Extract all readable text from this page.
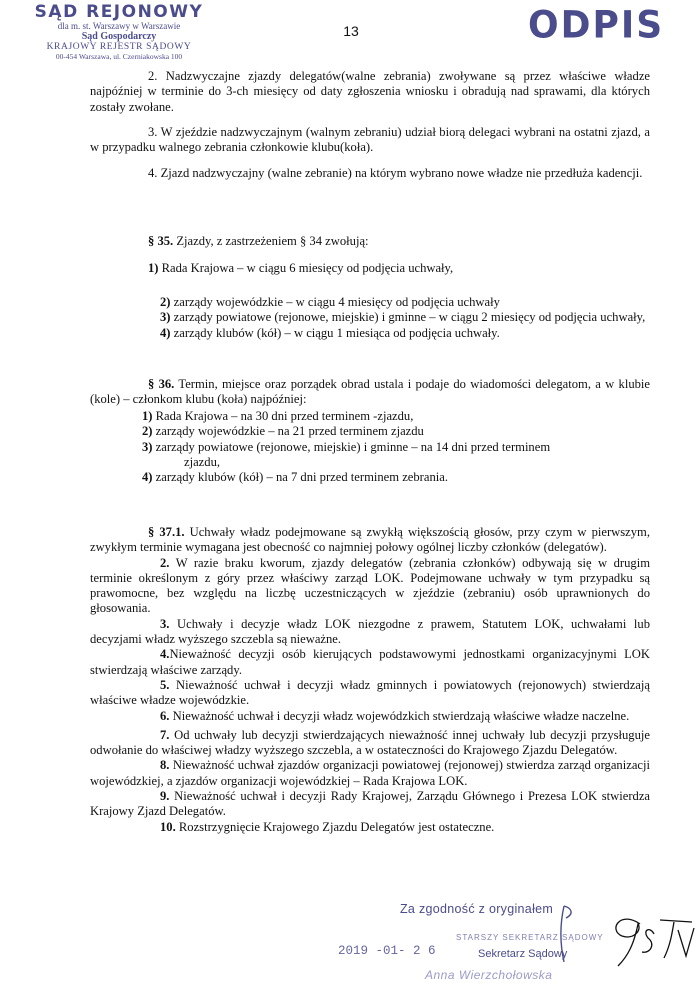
SĄD REJONOWY
dla m. st. Warszawy w Warszawie
Sąd Gospodarczy
KRAJOWY REJESTR SĄDOWY
00-454 Warszawa, ul. Czerniakowska 100
13	ODPIS

2. Nadzwyczajne zjazdy delegatów(walne zebrania) zwoływane są przez właściwe władze najpóźniej w terminie do 3-ch miesięcy od daty zgłoszenia wniosku i obradują nad sprawami, dla których zostały zwołane.

3. W zjeździe nadzwyczajnym (walnym zebraniu) udział biorą delegaci wybrani na ostatni zjazd, a w przypadku walnego zebrania członkowie klubu(koła).

4. Zjazd nadzwyczajny (walne zebranie) na którym wybrano nowe władze nie przedłuża kadencji.

§ 35. Zjazdy, z zastrzeżeniem § 34 zwołują:

1) Rada Krajowa – w ciągu 6 miesięcy od podjęcia uchwały,

2) zarządy wojewódzkie – w ciągu 4 miesięcy od podjęcia uchwały

3) zarządy powiatowe (rejonowe, miejskie) i gminne – w ciągu 2 miesięcy od podjęcia uchwały,

4) zarządy klubów (kół) – w ciągu 1 miesiąca od podjęcia uchwały.

§ 36. Termin, miejsce oraz porządek obrad ustala i podaje do wiadomości delegatom, a w klubie (kole) – członkom klubu (koła) najpóźniej:

1) Rada Krajowa – na 30 dni przed terminem -zjazdu,

2) zarządy wojewódzkie – na 21 przed terminem zjazdu

3) zarządy powiatowe (rejonowe, miejskie) i gminne – na 14 dni przed terminem

zjazdu,

4) zarządy klubów (kół) – na 7 dni przed terminem zebrania.

§ 37.1. Uchwały władz podejmowane są zwykłą większością głosów, przy czym w pierwszym, zwykłym terminie wymagana jest obecność co najmniej połowy ogólnej liczby członków (delegatów).

2. W razie braku kworum, zjazdy delegatów (zebrania członków) odbywają się w drugim terminie określonym z góry przez właściwy zarząd LOK. Podejmowane uchwały w tym przypadku są prawomocne, bez względu na liczbę uczestniczących w zjeździe (zebraniu) osób uprawnionych do głosowania.

3. Uchwały i decyzje władz LOK niezgodne z prawem, Statutem LOK, uchwałami lub decyzjami władz wyższego szczebla są nieważne.

4.Nieważność decyzji osób kierujących podstawowymi jednostkami organizacyjnymi LOK stwierdzają właściwe zarządy.

5. Nieważność uchwał i decyzji władz gminnych i powiatowych (rejonowych) stwierdzają właściwe władze wojewódzkie.

6. Nieważność uchwał i decyzji władz wojewódzkich stwierdzają właściwe władze naczelne.

7. Od uchwały lub decyzji stwierdzających nieważność innej uchwały lub decyzji przysługuje odwołanie do właściwej władzy wyższego szczebla, a w ostateczności do Krajowego Zjazdu Delegatów.

8. Nieważność uchwał zjazdów organizacji powiatowej (rejonowej) stwierdza zarząd organizacji wojewódzkiej, a zjazdów organizacji wojewódzkiej – Rada Krajowa LOK.

9. Nieważność uchwał i decyzji Rady Krajowej, Zarządu Głównego i Prezesa LOK stwierdza Krajowy Zjazd Delegatów.

10. Rozstrzygnięcie Krajowego Zjazdu Delegatów jest ostateczne.

Za zgodność z oryginałem
STARSZY SEKRETARZ SĄDOWY
2019 -01- 2 6	Sekretarz Sądowy
Anna Wierzchołowska
